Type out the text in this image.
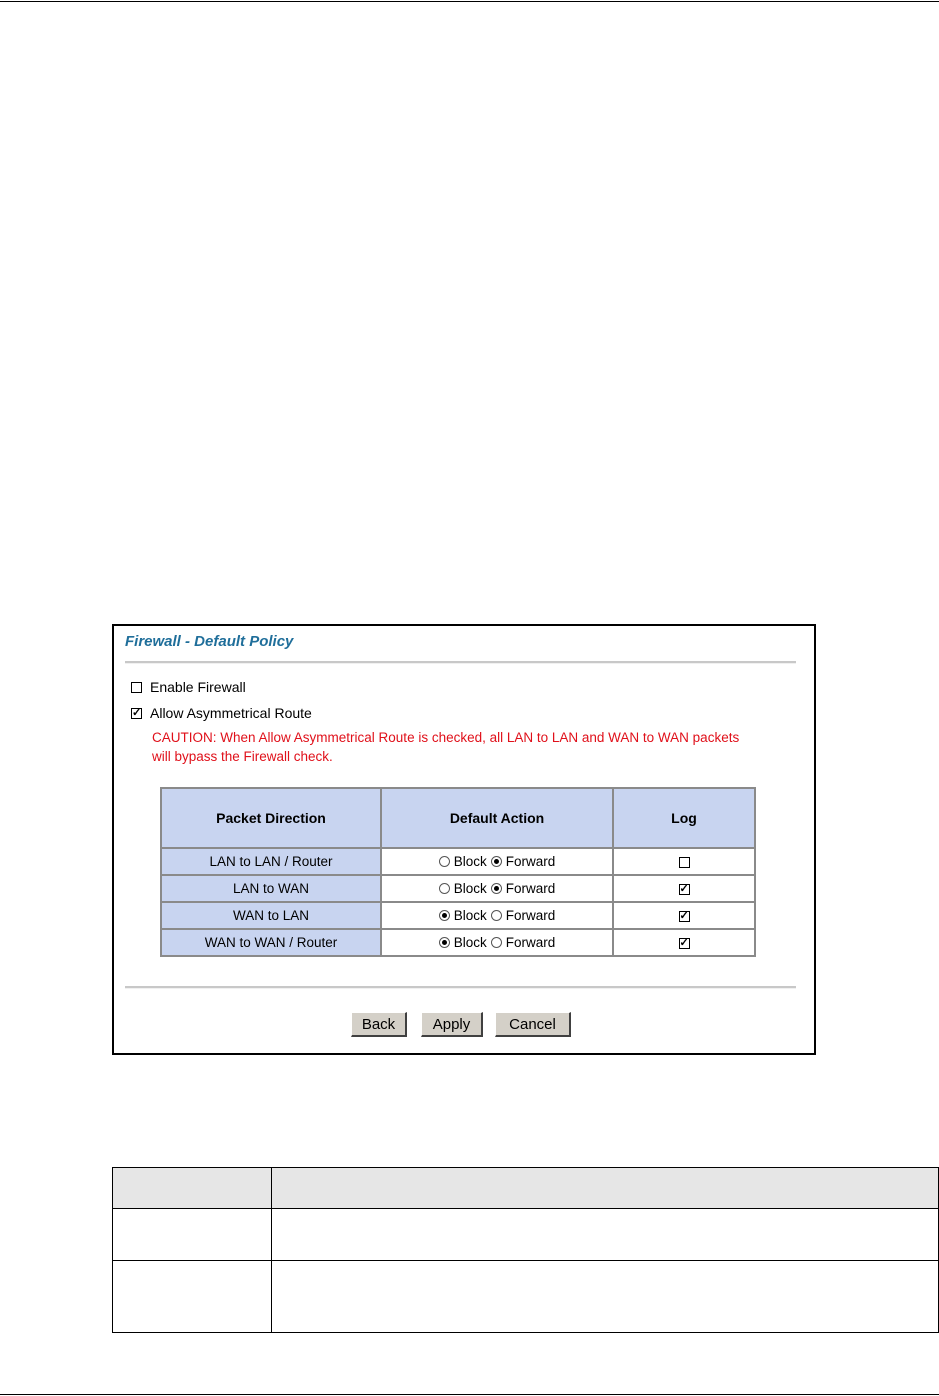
Firewall - Default Policy
Enable Firewall
✓Allow Asymmetrical Route
CAUTION: When Allow Asymmetrical Route is checked, all LAN to LAN and WAN to WAN packets
will bypass the Firewall check.
Packet Direction	Default Action	Log
LAN to LAN / Router	Block Forward	
LAN to WAN	Block Forward	✓
WAN to LAN	Block Forward	✓
WAN to WAN / Router	Block Forward	✓
Back	Apply	Cancel
